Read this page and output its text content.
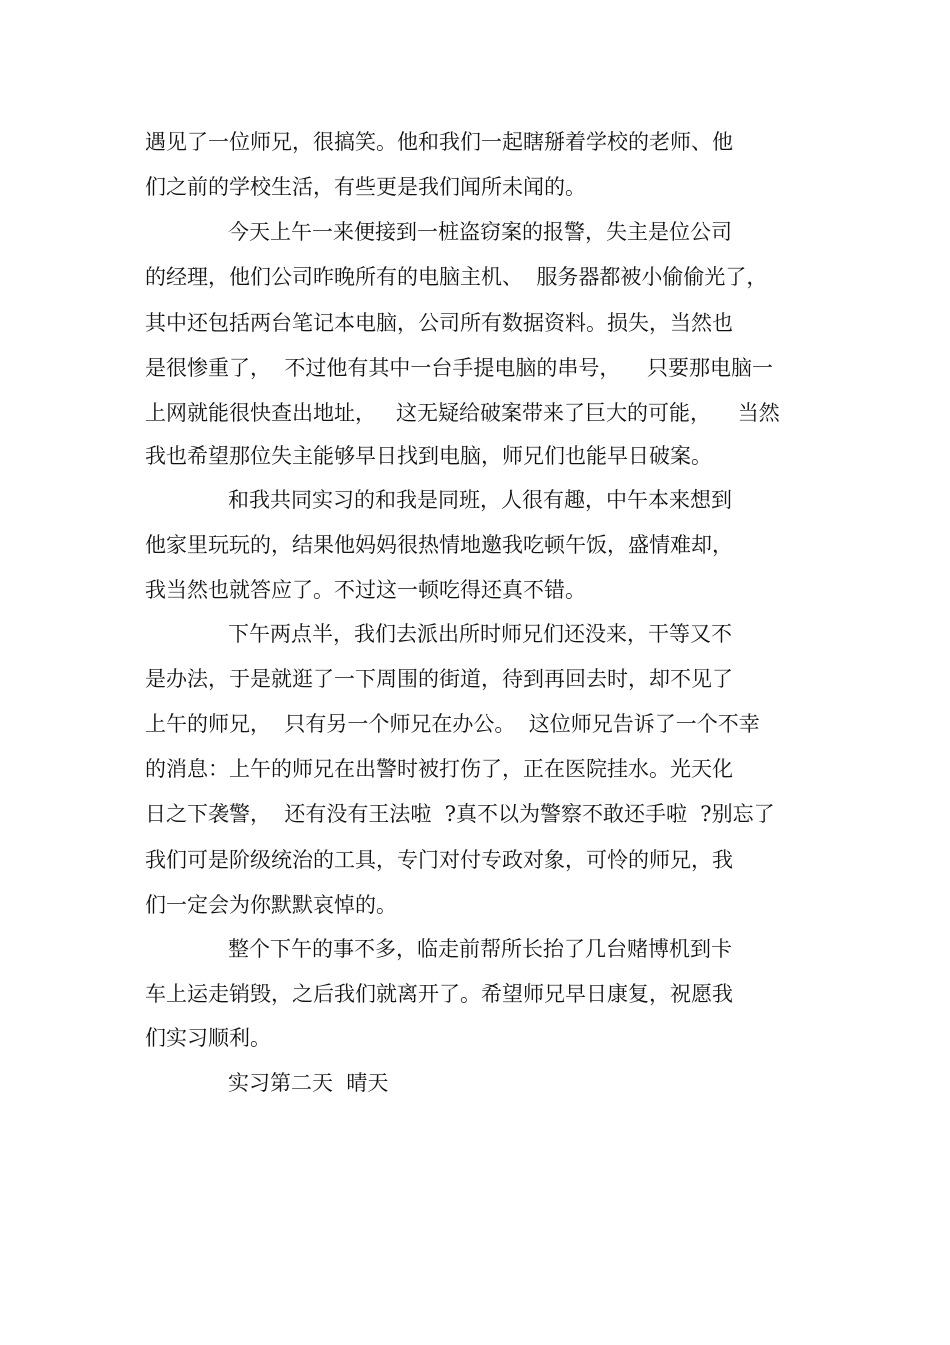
遇见了一位师兄，很搞笑。他和我们一起瞎掰着学校的老师、他
们之前的学校生活，有些更是我们闻所未闻的。
今天上午一来便接到一桩盗窃案的报警，失主是位公司
的经理，他们公司昨晚所有的电脑主机、  服务器都被小偷偷光了，
其中还包括两台笔记本电脑，公司所有数据资料。损失，当然也
是很惨重了，  不过他有其中一台手提电脑的串号，    只要那电脑一
上网就能很快查出地址，   这无疑给破案带来了巨大的可能，    当然
我也希望那位失主能够早日找到电脑，师兄们也能早日破案。
和我共同实习的和我是同班，人很有趣，中午本来想到
他家里玩玩的，结果他妈妈很热情地邀我吃顿午饭，盛情难却，
我当然也就答应了。不过这一顿吃得还真不错。
下午两点半，我们去派出所时师兄们还没来，干等又不
是办法，于是就逛了一下周围的街道，待到再回去时，却不见了
上午的师兄，  只有另一个师兄在办公。  这位师兄告诉了一个不幸
的消息：上午的师兄在出警时被打伤了，正在医院挂水。光天化
日之下袭警，  还有没有王法啦  ?真不以为警察不敢还手啦  ?别忘了
我们可是阶级统治的工具，专门对付专政对象，可怜的师兄，我
们一定会为你默默哀悼的。
整个下午的事不多，临走前帮所长抬了几台赌博机到卡
车上运走销毁，之后我们就离开了。希望师兄早日康复，祝愿我
们实习顺利。
实习第二天  晴天
